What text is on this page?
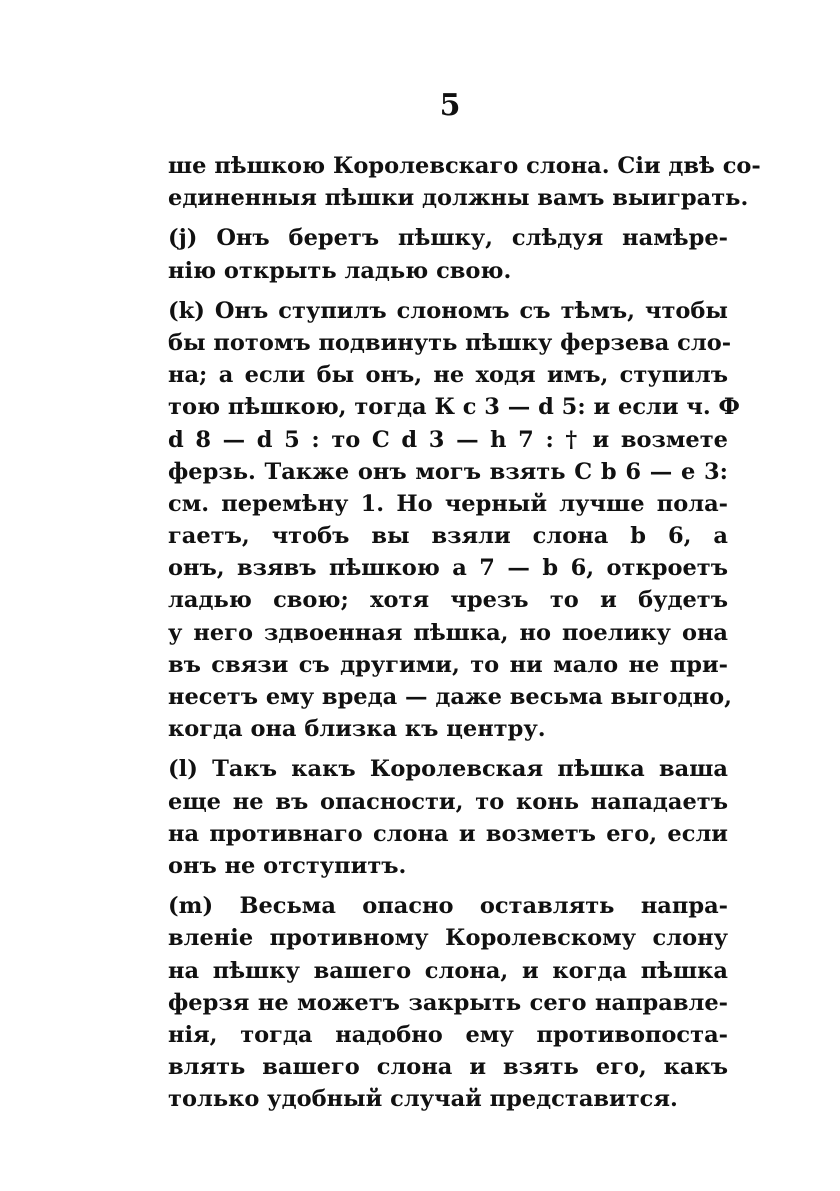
5
ше пѣшкою Королевскаго слона. Сiи двѣ со-
единенныя пѣшки должны вамъ выиграть.
(j) Онъ беретъ пѣшку, слѣдуя намѣре-
нiю открыть ладью свою.
(k) Онъ ступилъ слономъ съ тѣмъ, чтобы
бы потомъ подвинуть пѣшку ферзева сло-
на; а если бы онъ, не ходя имъ, ступилъ
тою пѣшкою, тогда К с 3 — d 5: и если ч. Ф
d 8 — d 5 : то С d 3 — h 7 : † и возмете
ферзь. Также онъ могъ взять С b 6 — e 3:
см. перемѣну 1. Но черный лучше пола-
гаетъ, чтобъ вы взяли слона b 6, а
онъ, взявъ пѣшкою а 7 — b 6, откроетъ
ладью свою; хотя чрезъ то и будетъ
у него здвоенная пѣшка, но поелику она
въ связи съ другими, то ни мало не при-
несетъ ему вреда — даже весьма выгодно,
когда она близка къ центру.
(l) Такъ какъ Королевская пѣшка ваша
еще не въ опасности, то конь нападаетъ
на противнаго слона и возметъ его, если
онъ не отступитъ.
(m) Весьма опасно оставлять напра-
вленiе противному Королевскому слону
на пѣшку вашего слона, и когда пѣшка
ферзя не можетъ закрыть сего направле-
нiя, тогда надобно ему противопоста-
влять вашего слона и взять его, какъ
только удобный случай представится.
